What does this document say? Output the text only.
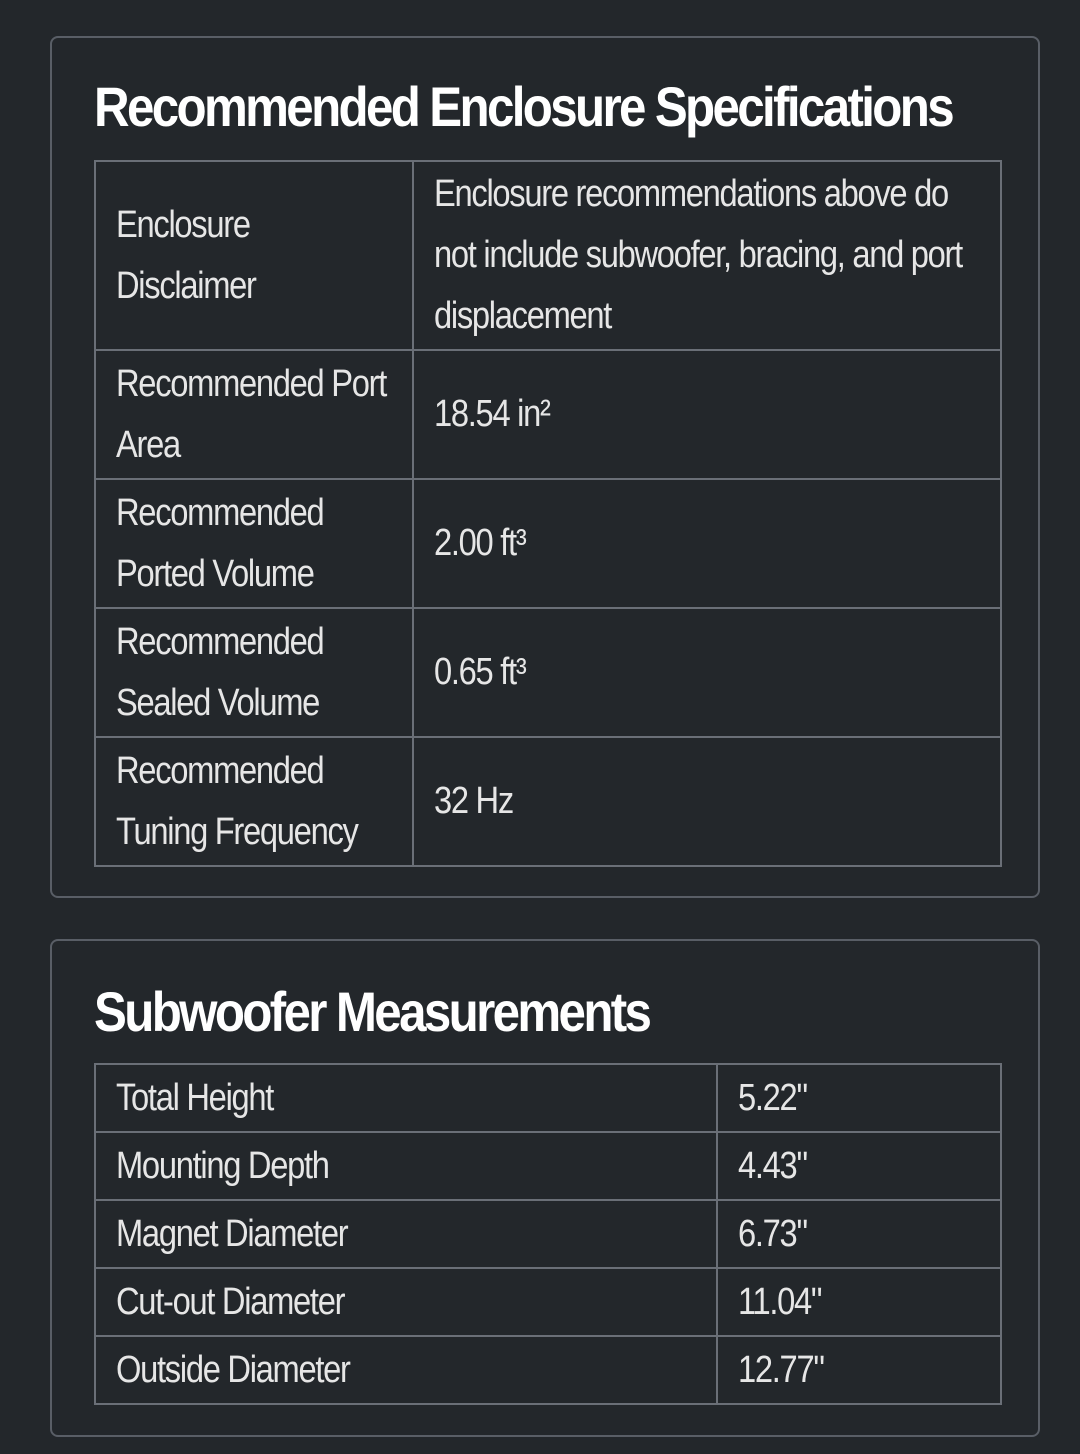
Recommended Enclosure Specifications
Enclosure Disclaimer	Enclosure recommendations above do not include subwoofer, bracing, and port displacement
Recommended Port Area	18.54 in²
Recommended Ported Volume	2.00 ft³
Recommended Sealed Volume	0.65 ft³
Recommended Tuning Frequency	32 Hz
Subwoofer Measurements
Total Height	5.22"
Mounting Depth	4.43"
Magnet Diameter	6.73"
Cut-out Diameter	11.04"
Outside Diameter	12.77"
